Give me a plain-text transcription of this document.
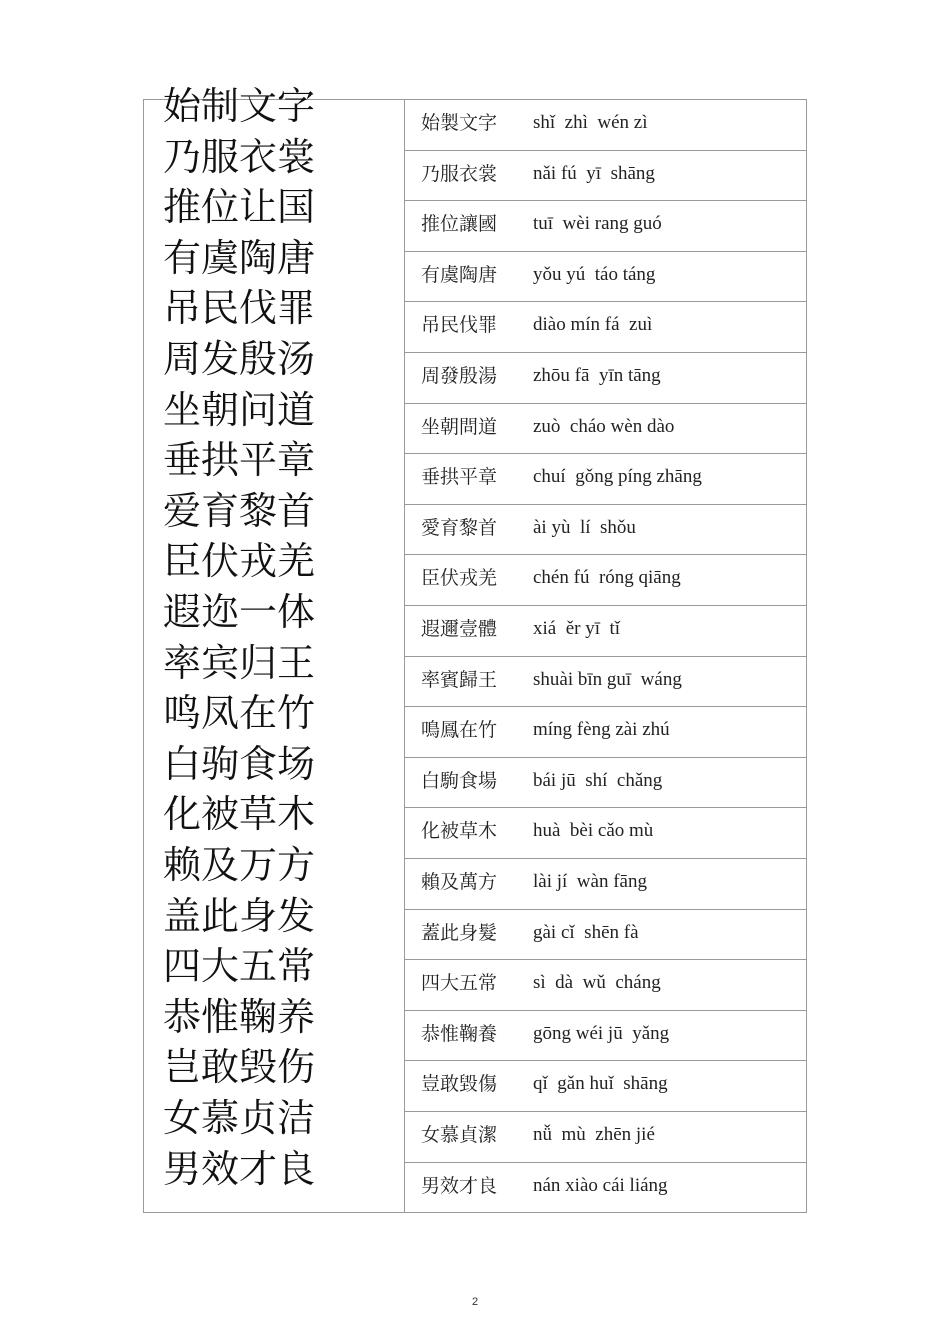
始制文字
乃服衣裳
推位让国
有虞陶唐
吊民伐罪
周发殷汤
坐朝问道
垂拱平章
爱育黎首
臣伏戎羌
遐迩一体
率宾归王
鸣凤在竹
白驹食场
化被草木
赖及万方
盖此身发
四大五常
恭惟鞠养
岂敢毁伤
女慕贞洁
男效才良
始製文字
乃服衣裳
推位讓國
有虞陶唐
吊民伐罪
周發殷湯
坐朝問道
垂拱平章
愛育黎首
臣伏戎羌
遐邇壹體
率賓歸王
鳴鳳在竹
白駒食場
化被草木
賴及萬方
蓋此身髮
四大五常
恭惟鞠養
豈敢毀傷
女慕貞潔
男效才良
shǐ  zhì  wén zì
nǎi fú  yī  shāng
tuī  wèi rang guó
yǒu yú  táo táng
diào mín fá  zuì
zhōu fā  yīn tāng
zuò  cháo wèn dào
chuí  gǒng píng zhāng
ài yù  lí  shǒu
chén fú  róng qiāng
xiá  ěr yī  tǐ
shuài bīn guī  wáng
míng fèng zài zhú
bái jū  shí  chǎng
huà  bèi cǎo mù
lài jí  wàn fāng
gài cǐ  shēn fà
sì  dà  wǔ  cháng
gōng wéi jū  yǎng
qǐ  gǎn huǐ  shāng
nǚ  mù  zhēn jié
nán xiào cái liáng
2
